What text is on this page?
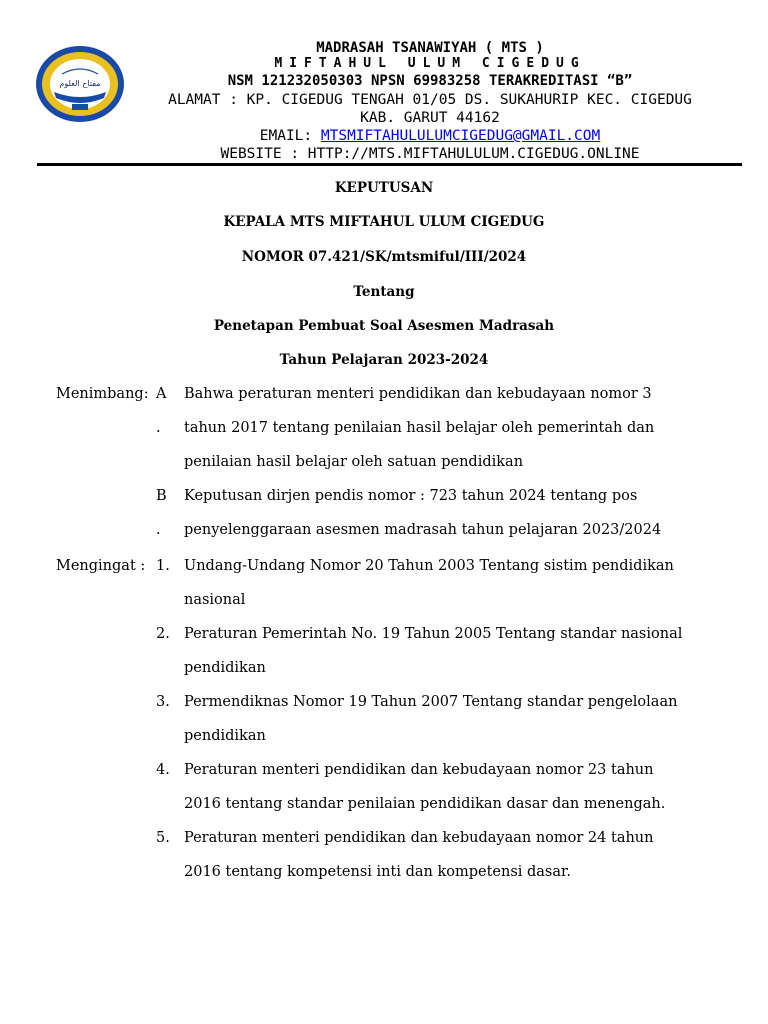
مفتاح العلوم
MADRASAH TSANAWIYAH ( MTS )
MIFTAHUL ULUM CIGEDUG
NSM 121232050303 NPSN 69983258 TERAKREDITASI “B”
ALAMAT : KP. CIGEDUG TENGAH 01/05 DS. SUKAHURIP KEC. CIGEDUG
KAB. GARUT 44162
EMAIL: MTSMIFTAHULULUMCIGEDUG@GMAIL.COM
WEBSITE : HTTP://MTS.MIFTAHULULUM.CIGEDUG.ONLINE
KEPUTUSAN
KEPALA MTS MIFTAHUL ULUM CIGEDUG
NOMOR 07.421/SK/mtsmiful/III/2024
Tentang
Penetapan Pembuat Soal Asesmen Madrasah
Tahun Pelajaran 2023-2024
Menimbang: A Bahwa peraturan menteri pendidikan dan kebudayaan nomor 3
. tahun 2017 tentang penilaian hasil belajar oleh pemerintah dan
penilaian hasil belajar oleh satuan pendidikan
B Keputusan dirjen pendis nomor : 723 tahun 2024 tentang pos
. penyelenggaraan asesmen madrasah tahun pelajaran 2023/2024
Mengingat : 1. Undang-Undang Nomor 20 Tahun 2003 Tentang sistim pendidikan
nasional
2. Peraturan Pemerintah No. 19 Tahun 2005 Tentang standar nasional
pendidikan
3. Permendiknas Nomor 19 Tahun 2007 Tentang standar pengelolaan
pendidikan
4. Peraturan menteri pendidikan dan kebudayaan nomor 23 tahun
2016 tentang standar penilaian pendidikan dasar dan menengah.
5. Peraturan menteri pendidikan dan kebudayaan nomor 24 tahun
2016 tentang kompetensi inti dan kompetensi dasar.
